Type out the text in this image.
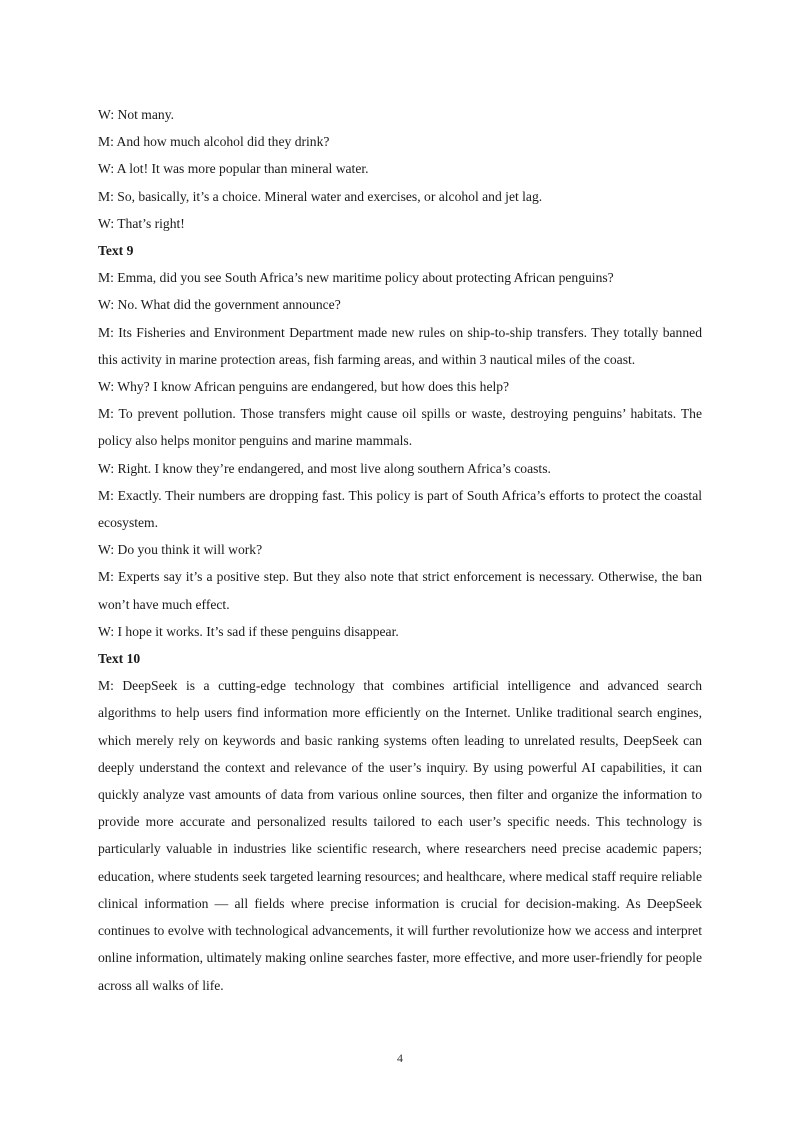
W: Not many.

M: And how much alcohol did they drink?

W: A lot! It was more popular than mineral water.

M: So, basically, it’s a choice. Mineral water and exercises, or alcohol and jet lag.

W: That’s right!

Text 9

M: Emma, did you see South Africa’s new maritime policy about protecting African penguins?

W: No. What did the government announce?

M: Its Fisheries and Environment Department made new rules on ship-to-ship transfers. They totally banned this activity in marine protection areas, fish farming areas, and within 3 nautical miles of the coast.

W: Why? I know African penguins are endangered, but how does this help?

M: To prevent pollution. Those transfers might cause oil spills or waste, destroying penguins’ habitats. The policy also helps monitor penguins and marine mammals.

W: Right. I know they’re endangered, and most live along southern Africa’s coasts.

M: Exactly. Their numbers are dropping fast. This policy is part of South Africa’s efforts to protect the coastal ecosystem.

W: Do you think it will work?

M: Experts say it’s a positive step. But they also note that strict enforcement is necessary. Otherwise, the ban won’t have much effect.

W: I hope it works. It’s sad if these penguins disappear.

Text 10

M: DeepSeek is a cutting-edge technology that combines artificial intelligence and advanced search algorithms to help users find information more efficiently on the Internet. Unlike traditional search engines, which merely rely on keywords and basic ranking systems often leading to unrelated results, DeepSeek can deeply understand the context and relevance of the user’s inquiry. By using powerful AI capabilities, it can quickly analyze vast amounts of data from various online sources, then filter and organize the information to provide more accurate and personalized results tailored to each user’s specific needs. This technology is particularly valuable in industries like scientific research, where researchers need precise academic papers; education, where students seek targeted learning resources; and healthcare, where medical staff require reliable clinical information — all fields where precise information is crucial for decision-making. As DeepSeek continues to evolve with technological advancements, it will further revolutionize how we access and interpret online information, ultimately making online searches faster, more effective, and more user-friendly for people across all walks of life.

4
